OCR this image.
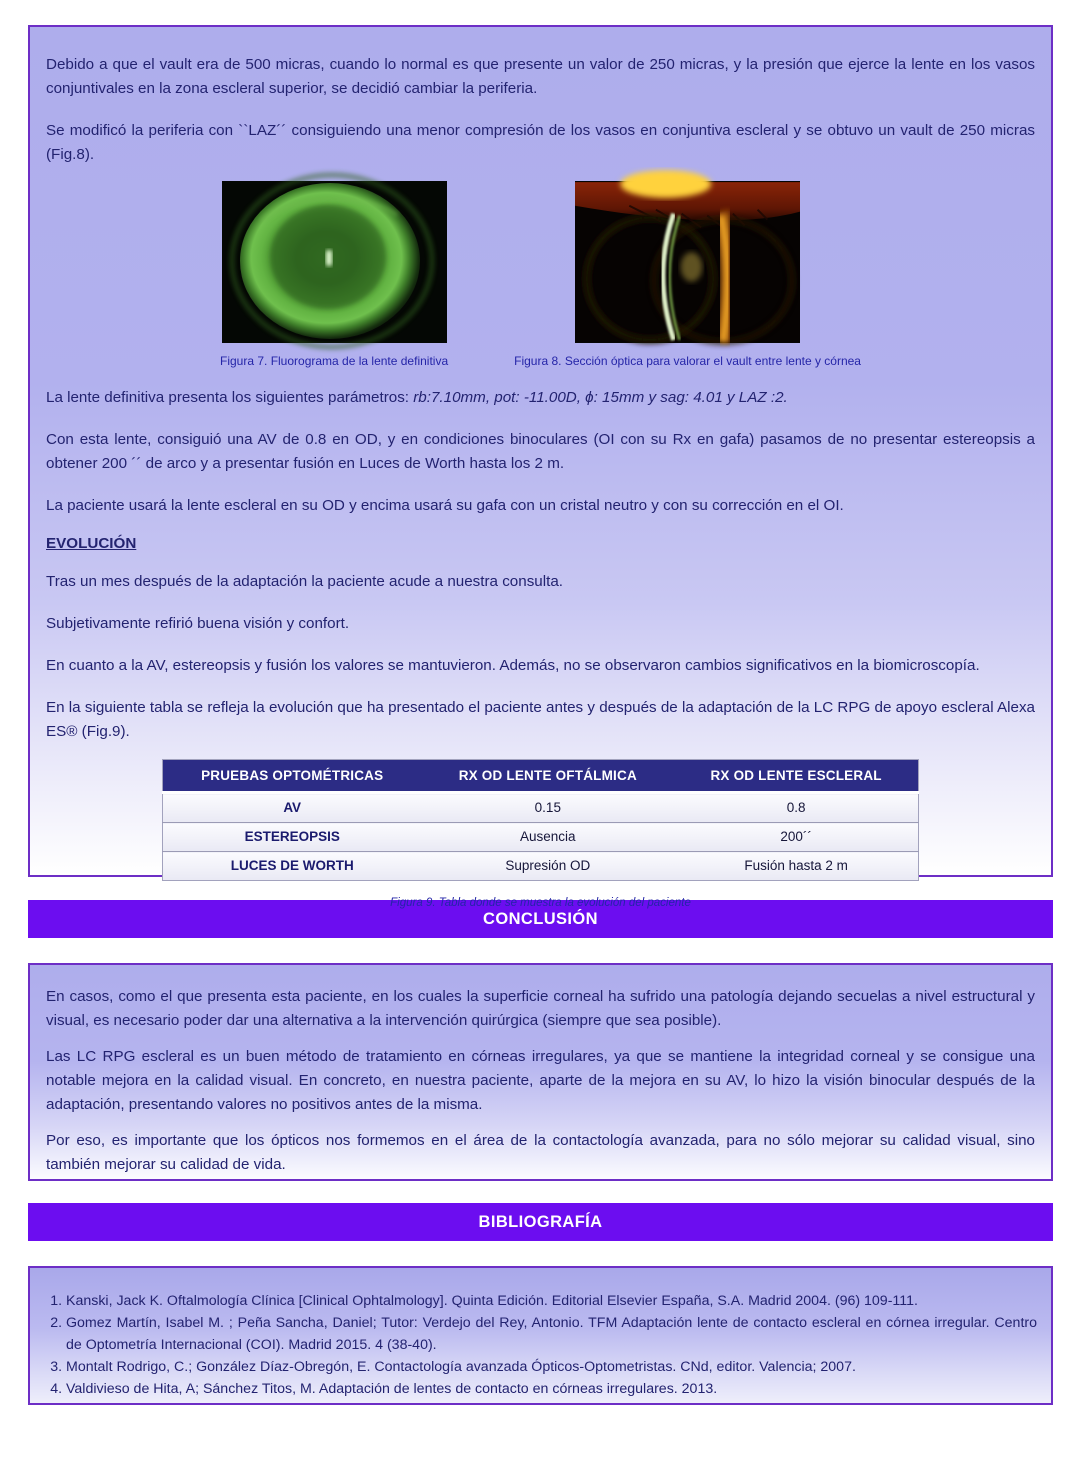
Debido a que el vault era de 500 micras, cuando lo normal es que presente un valor de 250 micras, y la presión que ejerce la lente en los vasos conjuntivales en la zona escleral superior, se decidió cambiar la periferia.

Se modificó la periferia con ``LAZ´´ consiguiendo una menor compresión de los vasos en conjuntiva escleral y se obtuvo un vault de 250 micras (Fig.8).

Figura 7. Fluorograma de la lente definitiva	Figura 8. Sección óptica para valorar el vault entre lente y córnea

La lente definitiva presenta los siguientes parámetros: rb:7.10mm, pot: -11.00D, ϕ: 15mm y sag: 4.01 y LAZ :2.

Con esta lente, consiguió una AV de 0.8 en OD, y en condiciones binoculares (OI con su Rx en gafa) pasamos de no presentar estereopsis a obtener 200 ´´ de arco y a presentar fusión en Luces de Worth hasta los 2 m.

La paciente usará la lente escleral en su OD y encima usará su gafa con un cristal neutro y con su corrección en el OI.

EVOLUCIÓN

Tras un mes después de la adaptación la paciente acude a nuestra consulta.

Subjetivamente refirió buena visión y confort.

En cuanto a la AV, estereopsis y fusión los valores se mantuvieron. Además, no se observaron cambios significativos en la biomicroscopía.

En la siguiente tabla se refleja la evolución que ha presentado el paciente antes y después de la adaptación de la LC RPG de apoyo escleral Alexa ES® (Fig.9).

PRUEBAS OPTOMÉTRICAS	RX OD LENTE OFTÁLMICA	RX OD LENTE ESCLERAL
AV	0.15	0.8
ESTEREOPSIS	Ausencia	200´´
LUCES DE WORTH	Supresión OD	Fusión hasta 2 m
Figura 9. Tabla donde se muestra la evolución del paciente
CONCLUSIÓN

En casos, como el que presenta esta paciente, en los cuales la superficie corneal ha sufrido una patología dejando secuelas a nivel estructural y visual, es necesario poder dar una alternativa a la intervención quirúrgica (siempre que sea posible).

Las LC RPG escleral es un buen método de tratamiento en córneas irregulares, ya que se mantiene la integridad corneal y se consigue una notable mejora en la calidad visual. En concreto, en nuestra paciente, aparte de la mejora en su AV, lo hizo la visión binocular después de la adaptación, presentando valores no positivos antes de la misma.

Por eso, es importante que los ópticos nos formemos en el área de la contactología avanzada, para no sólo mejorar su calidad visual, sino también mejorar su calidad de vida.

BIBLIOGRAFÍA
1. Kanski, Jack K. Oftalmología Clínica [Clinical Ophtalmology]. Quinta Edición. Editorial Elsevier España, S.A. Madrid 2004. (96) 109-111.
2. Gomez Martín, Isabel M. ; Peña Sancha, Daniel; Tutor: Verdejo del Rey, Antonio. TFM Adaptación lente de contacto escleral en córnea irregular. Centro de Optometría Internacional (COI). Madrid 2015. 4 (38-40).
3. Montalt Rodrigo, C.; González Díaz-Obregón, E. Contactología avanzada Ópticos-Optometristas. CNd, editor. Valencia; 2007.
4. Valdivieso de Hita, A; Sánchez Titos, M. Adaptación de lentes de contacto en córneas irregulares. 2013.
